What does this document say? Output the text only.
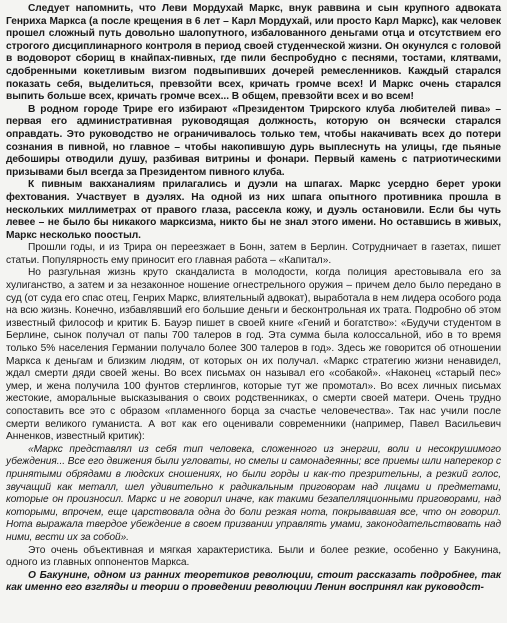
Следует напомнить, что Леви Мордухай Маркс, внук раввина и сын крупного адвоката Генриха Маркса (а после крещения в 6 лет – Карл Мордухай, или просто Карл Маркс), как человек прошел сложный путь довольно шалопутного, избалованного деньгами отца и отсутствием его строгого дисциплинарного контроля в период своей студенческой жизни. Он окунулся с головой в водоворот сборищ в кнайпах-пивных, где пили беспробудно с песнями, тостами, клятвами, сдобренными кокетливым визгом подвыпивших дочерей ремесленников. Каждый старался показать себя, выделиться, превзойти всех, кричать громче всех! И Маркс очень старался выпить больше всех, кричать громче всех... В общем, превзойти всех и во всем!

В родном городе Трире его избирают «Президентом Трирского клуба любителей пива» – первая его административная руководящая должность, которую он всячески старался оправдать. Это руководство не ограничивалось только тем, чтобы накачивать всех до потери сознания в пивной, но главное – чтобы накопившую дурь выплеснуть на улицы, где пьяные дебоширы отводили душу, разбивая витрины и фонари. Первый камень с патриотическими призывами был всегда за Президентом пивного клуба.

К пивным вакханалиям прилагались и дуэли на шпагах. Маркс усердно берет уроки фехтования. Участвует в дуэлях. На одной из них шпага опытного противника прошла в нескольких миллиметрах от правого глаза, рассекла кожу, и дуэль остановили. Если бы чуть левее – не было бы никакого марксизма, никто бы не знал этого имени. Но оставшись в живых, Маркс несколько поостыл.

Прошли годы, и из Трира он переезжает в Бонн, затем в Берлин. Сотрудничает в газетах, пишет статьи. Популярность ему приносит его главная работа – «Капитал».

Но разгульная жизнь круто скандалиста в молодости, когда полиция арестовывала его за хулиганство, а затем и за незаконное ношение огнестрельного оружия – причем дело было передано в суд (от суда его спас отец, Генрих Маркс, влиятельный адвокат), выработала в нем лидера особого рода на всю жизнь. Конечно, избавлявший его большие деньги и бесконтрольная их трата. Подробно об этом известный философ и критик Б. Бауэр пишет в своей книге «Гений и богатство»: «Будучи студентом в Берлине, сынок получал от папы 700 талеров в год. Эта сумма была колоссальной, ибо в то время только 5% населения Германии получало более 300 талеров в год». Здесь же говорится об отношении Маркса к деньгам и близким людям, от которых он их получал. «Маркс стратегию жизни ненавидел, ждал смерти дяди своей жены. Во всех письмах он называл его «собакой». «Наконец «старый пес» умер, и жена получила 100 фунтов стерлингов, которые тут же промотал». Во всех личных письмах жестокие, аморальные высказывания о своих родственниках, о смерти своей матери. Очень трудно сопоставить все это с образом «пламенного борца за счастье человечества». Так нас учили после смерти великого гуманиста. А вот как его оценивали современники (например, Павел Васильевич Анненков, известный критик):

«Маркс представлял из себя тип человека, сложенного из энергии, воли и несокрушимого убеждения... Все его движения были угловаты, но смелы и самонадеянны; все приемы шли наперекор с принятыми обрядами в людских сношениях, но были горды и как-то презрительны, а резкий голос, звучащий как металл, шел удивительно к радикальным приговорам над лицами и предметами, которые он произносил. Маркс и не говорил иначе, как такими безапелляционными приговорами, над которыми, впрочем, еще царствовала одна до боли резкая нота, покрывавшая все, что он говорил. Нота выражала твердое убеждение в своем призвании управлять умами, законодательствовать над ними, вести их за собой».

Это очень объективная и мягкая характеристика. Были и более резкие, особенно у Бакунина, одного из главных оппонентов Маркса.

О Бакунине, одном из ранних теоретиков революции, стоит рассказать подробнее, так как именно его взгляды и теории о проведении революции Ленин воспринял как руководст-
